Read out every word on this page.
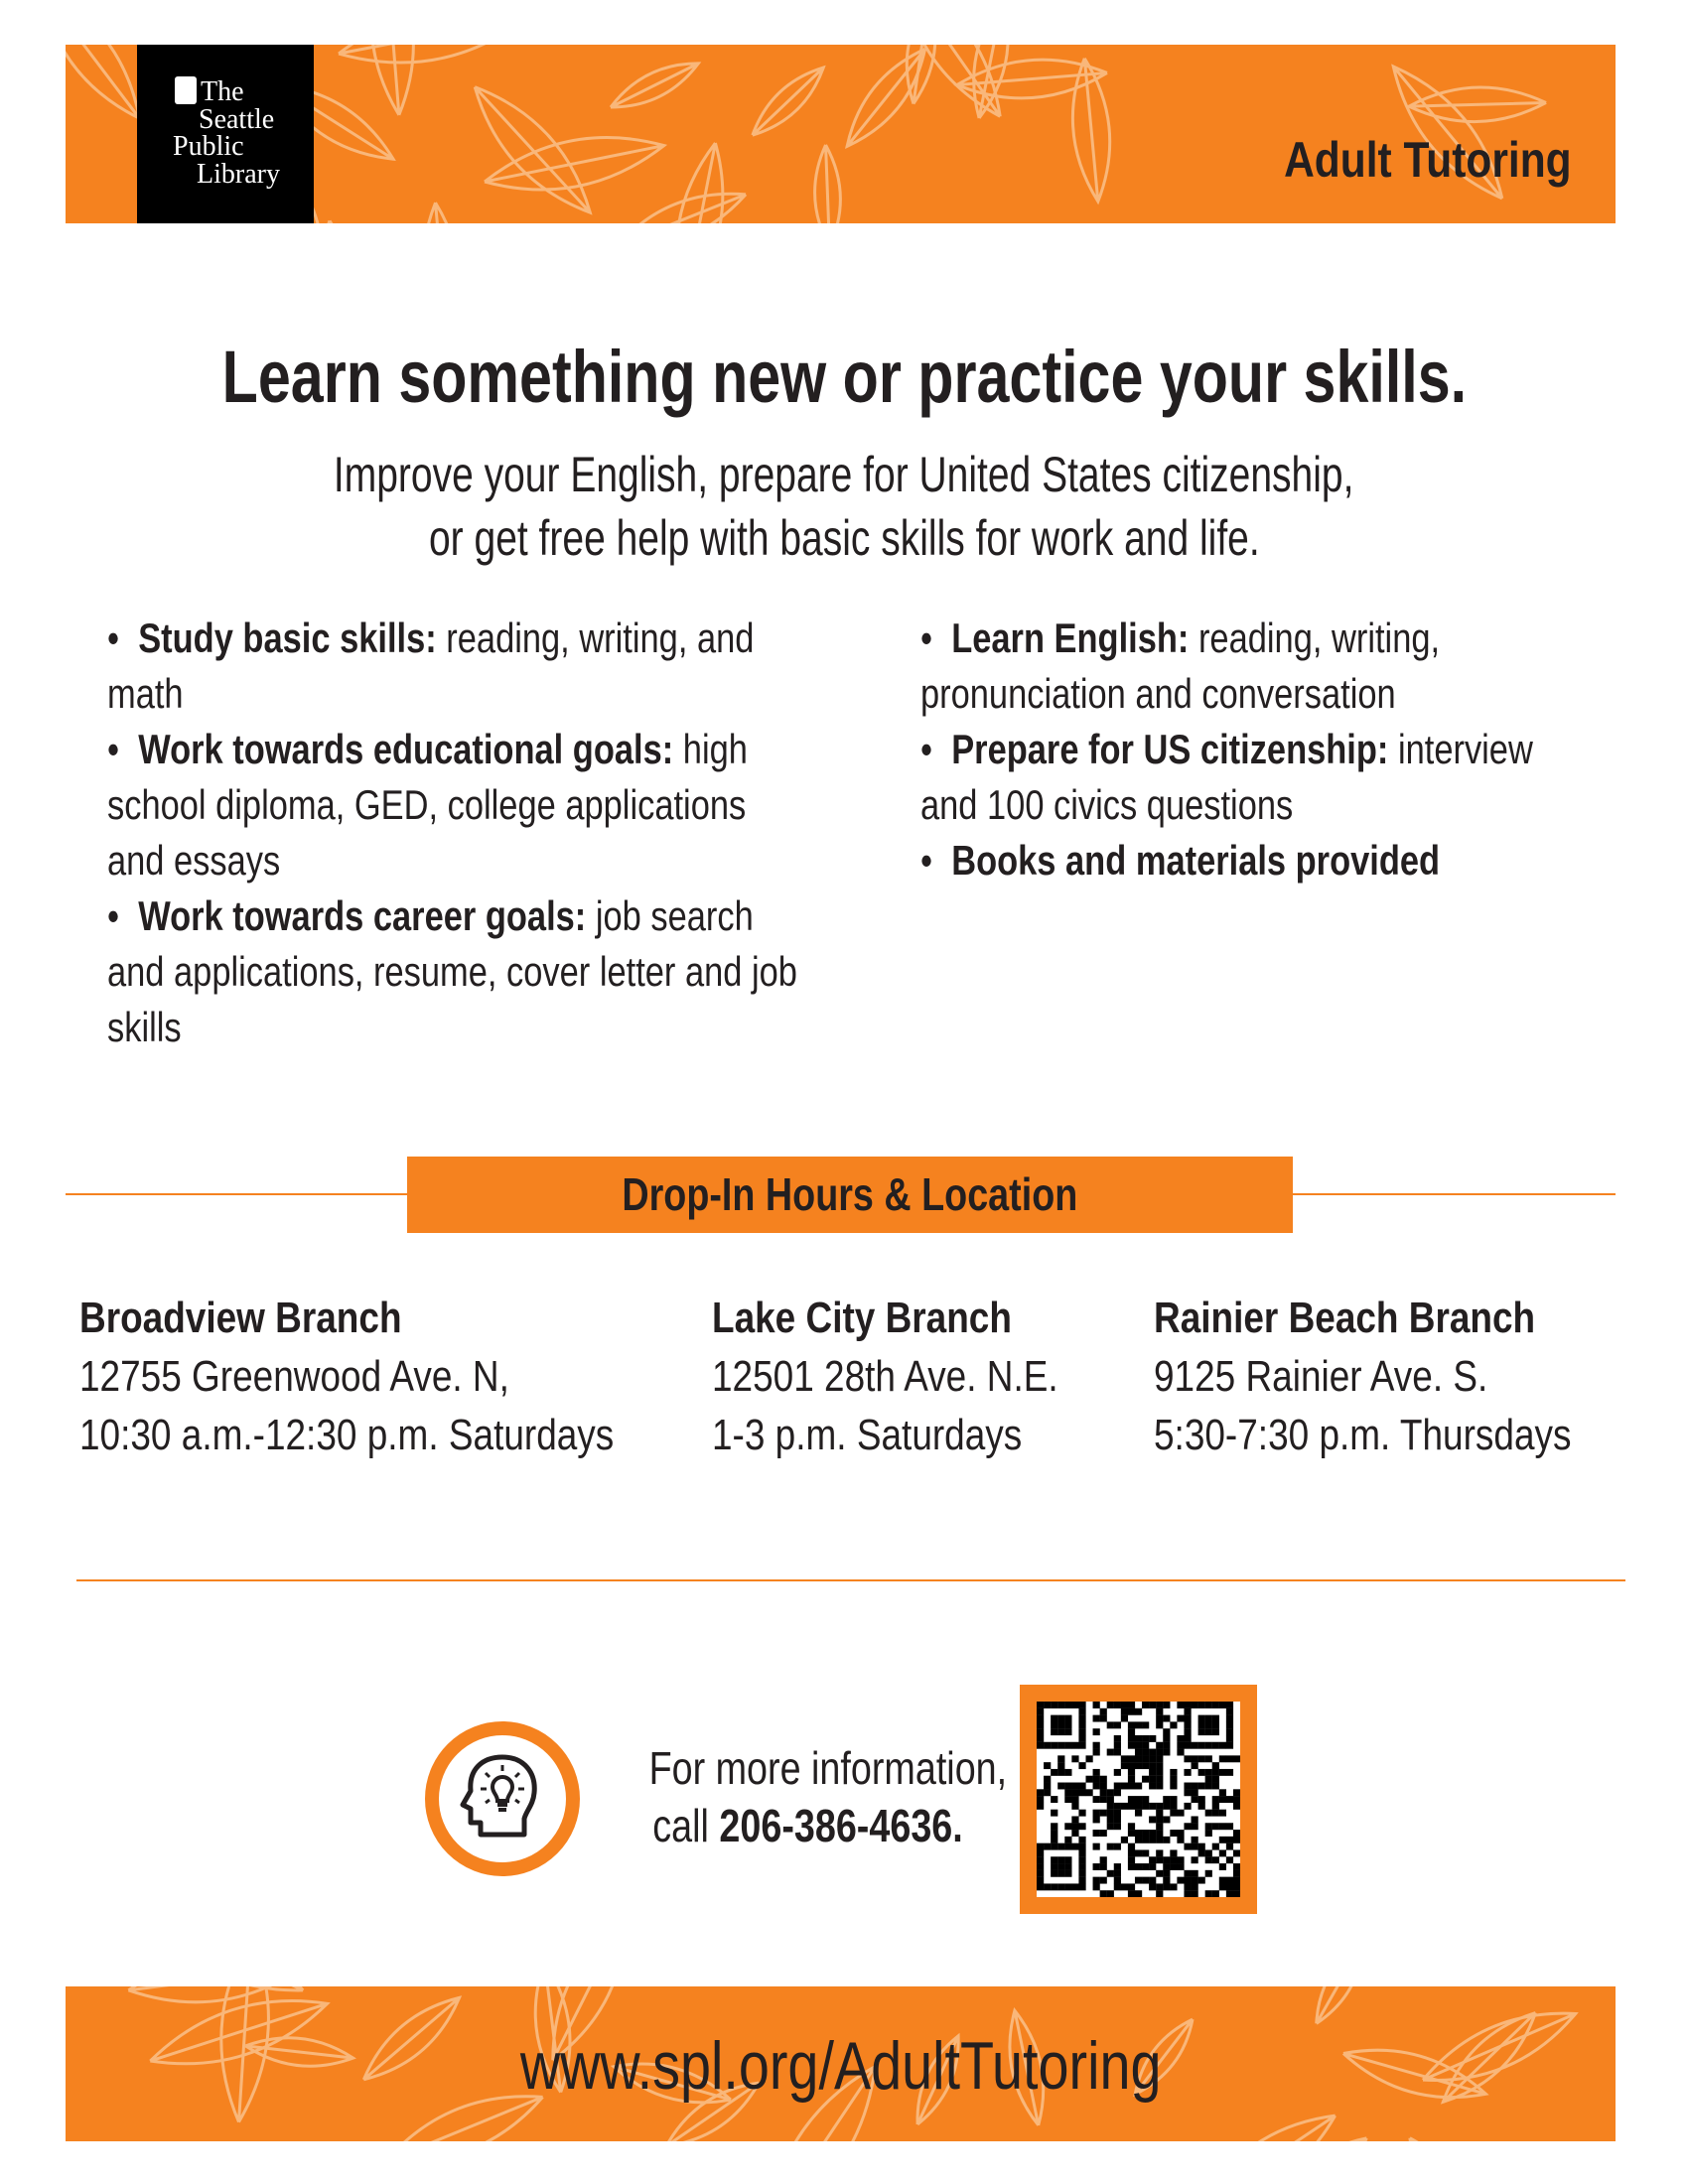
The
Seattle
Public
Library	Adult Tutoring
Learn something new or practice your skills.
Improve your English, prepare for United States citizenship,
or get free help with basic skills for work and life.

•  Study basic skills: reading, writing, and math

•  Work towards educational goals: high school diploma, GED, college applications and essays

•  Work towards career goals: job search and applications, resume, cover letter and job skills

•  Learn English: reading, writing, pronunciation and conversation

•  Prepare for US citizenship: interview and 100 civics questions

•  Books and materials provided

Drop-In Hours & Location
Broadview Branch
12755 Greenwood Ave. N,
10:30 a.m.-12:30 p.m. Saturdays
Lake City Branch
12501 28th Ave. N.E.
1-3 p.m. Saturdays
Rainier Beach Branch
9125 Rainier Ave. S.
5:30-7:30 p.m. Thursdays
For more information,
call 206-386-4636.
www.spl.org/AdultTutoring
